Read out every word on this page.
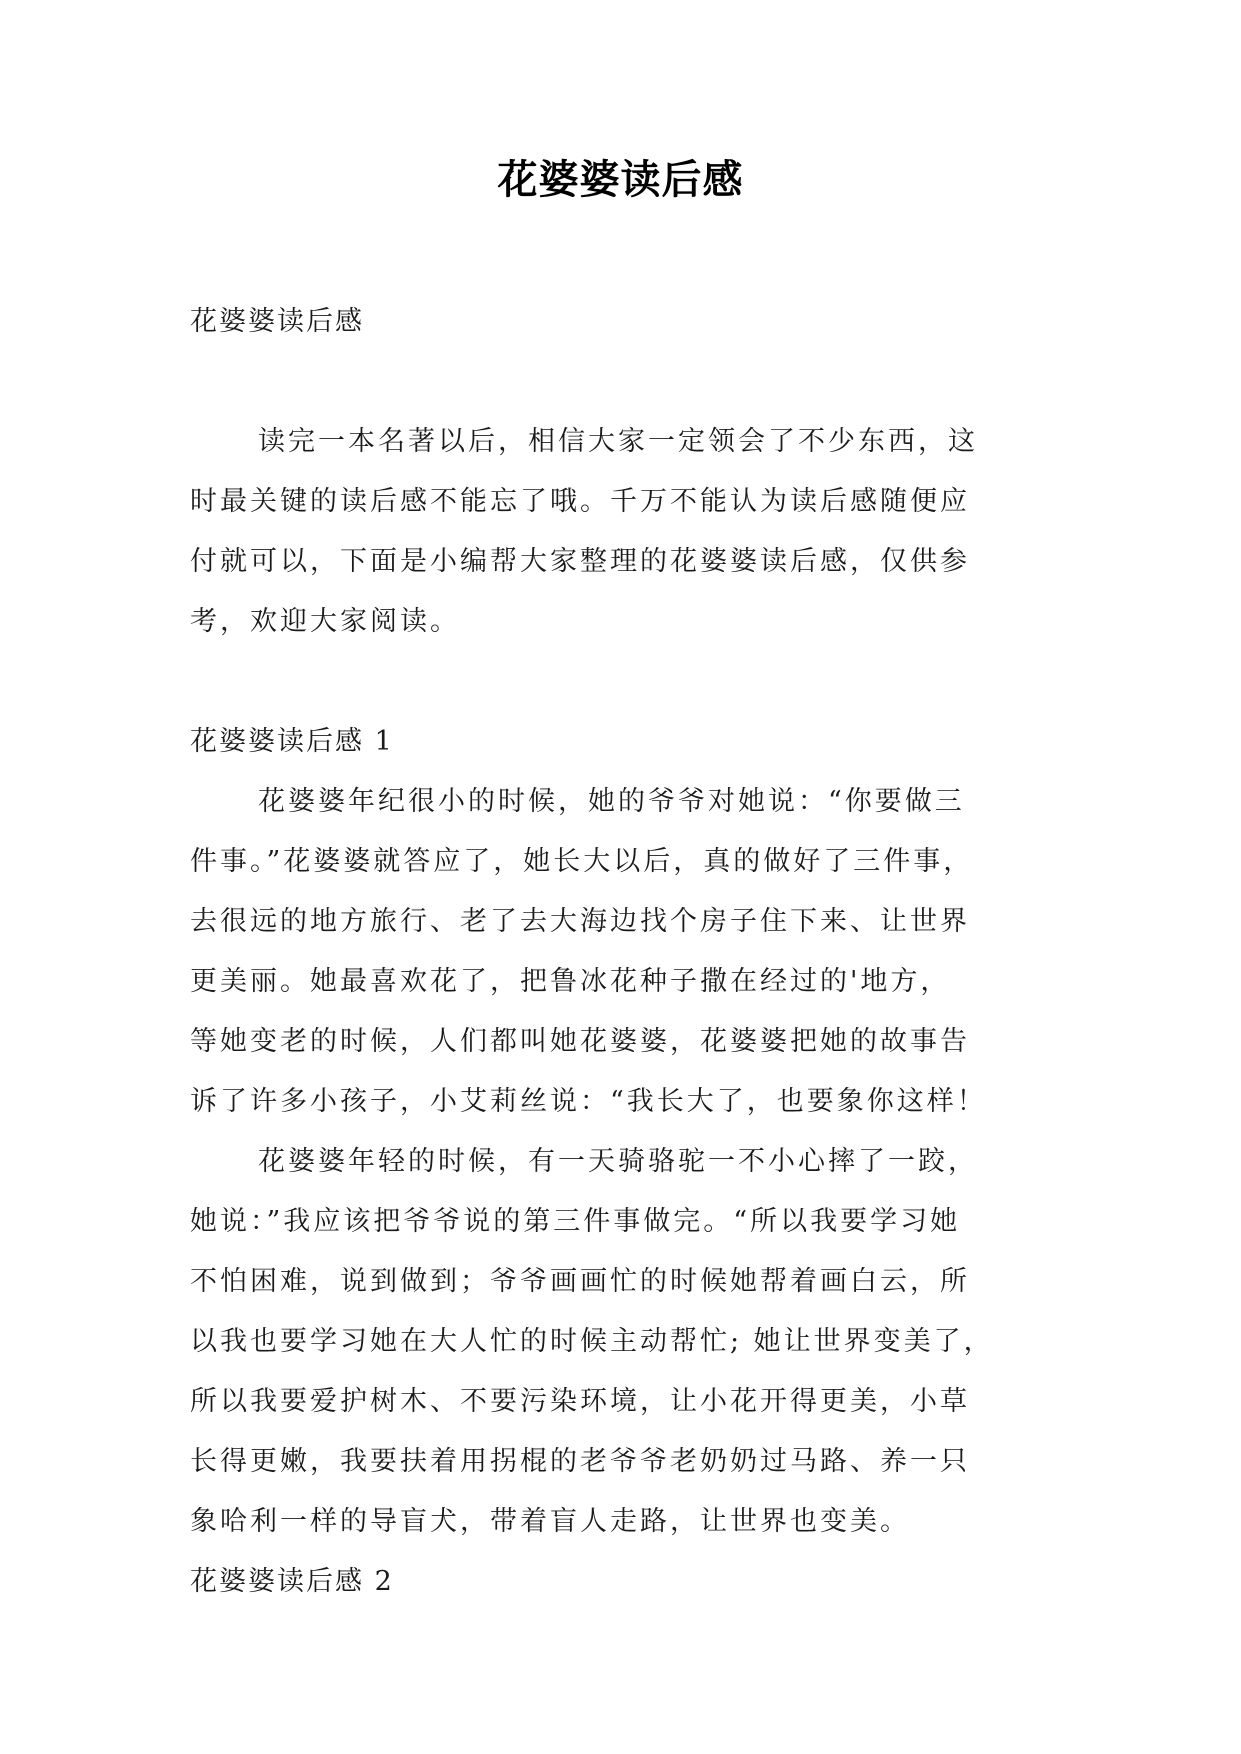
花婆婆读后感

花婆婆读后感

读完一本名著以后，相信大家一定领会了不少东西，这

时最关键的读后感不能忘了哦。千万不能认为读后感随便应

付就可以，下面是小编帮大家整理的花婆婆读后感，仅供参

考，欢迎大家阅读。

花婆婆读后感 1

花婆婆年纪很小的时候，她的爷爷对她说：“你要做三

件事。”花婆婆就答应了，她长大以后，真的做好了三件事，

去很远的地方旅行、老了去大海边找个房子住下来、让世界

更美丽。她最喜欢花了，把鲁冰花种子撒在经过的'地方，

等她变老的时候，人们都叫她花婆婆，花婆婆把她的故事告

诉了许多小孩子，小艾莉丝说：“我长大了，也要象你这样！

花婆婆年轻的时候，有一天骑骆驼一不小心摔了一跤，

她说：”我应该把爷爷说的第三件事做完。“所以我要学习她

不怕困难，说到做到；爷爷画画忙的时候她帮着画白云，所

以我也要学习她在大人忙的时候主动帮忙; 她让世界变美了，

所以我要爱护树木、不要污染环境，让小花开得更美，小草

长得更嫩，我要扶着用拐棍的老爷爷老奶奶过马路、养一只

象哈利一样的导盲犬，带着盲人走路，让世界也变美。

花婆婆读后感 2
